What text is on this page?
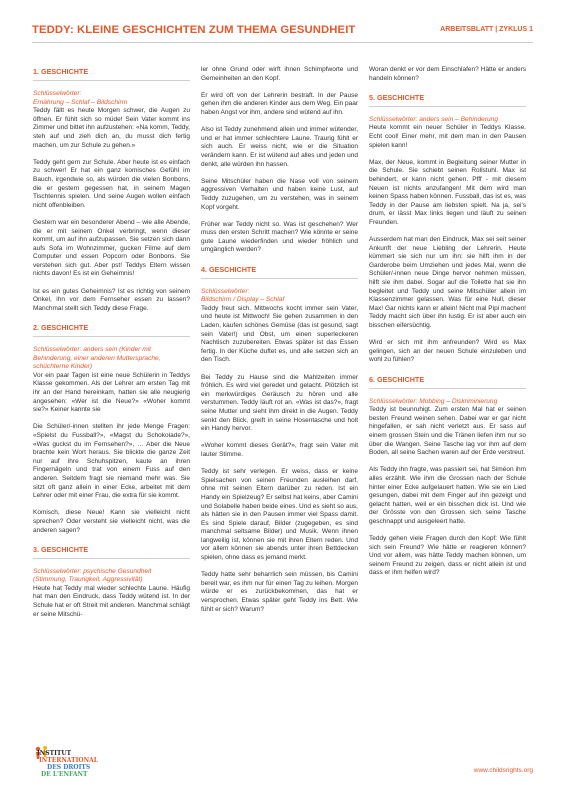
TEDDY: KLEINE GESCHICHTEN ZUM THEMA GESUNDHEIT	ARBEITSBLATT | ZYKLUS 1
1. GESCHICHTE
Schlüsselwörter:
Ernährung – Schlaf – Bildschirm

Teddy fällt es heute Morgen schwer, die Augen zu öffnen. Er fühlt sich so müde! Sein Vater kommt ins Zimmer und bittet ihn aufzustehen: «Na komm, Teddy, steh auf und zieh dich an, du musst dich fertig machen, um zur Schule zu gehen.»

Teddy geht gern zur Schule. Aber heute ist es einfach zu schwer! Er hat ein ganz komisches Gefühl im Bauch, irgendwie so, als würden die vielen Bonbons, die er gestern gegessen hat, in seinem Magen Tischtennis spielen. Und seine Augen wollen einfach nicht offenbleiben.

Gestern war ein besonderer Abend – wie alle Abende, die er mit seinem Onkel verbringt, wenn dieser kommt, um auf ihn aufzupassen. Sie setzen sich dann aufs Sofa im Wohnzimmer, gucken Filme auf dem Computer und essen Popcorn oder Bonbons. Sie verstehen sich gut. Aber pst! Teddys Eltern wissen nichts davon! Es ist ein Geheimnis!

Ist es ein gutes Geheimnis? Ist es richtig von seinem Onkel, ihn vor dem Fernseher essen zu lassen? Manchmal stellt sich Teddy diese Frage.

2. GESCHICHTE
Schlüsselwörter: anders sein (Kinder mit
Behinderung, einer anderen Muttersprache,
schüchterne Kinder)

Vor ein paar Tagen ist eine neue Schülerin in Teddys Klasse gekommen. Als der Lehrer am ersten Tag mit ihr an der Hand hereinkam, hatten sie alle neugierig angesehen: «Wer ist die Neue?» «Woher kommt sie?» Keiner kannte sie

Die Schüler/-innen stellten ihr jede Menge Fragen: «Spielst du Fussball?», «Magst du Schokolade?», «Was guckst du im Fernsehen?», … Aber die Neue brachte kein Wort heraus. Sie blickte die ganze Zeit nur auf ihre Schuhspitzen, kaute an ihren Fingernägeln und trat von einem Fuss auf den anderen. Seitdem fragt sie niemand mehr was. Sie sitzt oft ganz allein in einer Ecke, arbeitet mit dem Lehrer oder mit einer Frau, die extra für sie kommt.

Komisch, diese Neue! Kann sie vielleicht nicht sprechen? Oder versteht sie vielleicht nicht, was die anderen sagen?

3. GESCHICHTE
Schlüsselwörter: psychische Gesundheit
(Stimmung, Traurigkeit, Aggressivität)

Heute hat Teddy mal wieder schlechte Laune. Häufig hat man den Eindruck, dass Teddy wütend ist. In der Schule hat er oft Streit mit anderen. Manchmal schlägt er seine Mitschü-

ler ohne Grund oder wirft ihnen Schimpfworte und Gemeinheiten an den Kopf.

Er wird oft von der Lehrerin bestraft. In der Pause gehen ihm die anderen Kinder aus dem Weg. Ein paar haben Angst vor ihm, andere sind wütend auf ihn.

Also ist Teddy zunehmend allein und immer wütender, und er hat immer schlechtere Laune. Traurig fühlt er sich auch. Er weiss nicht, wie er die Situation verändern kann. Er ist wütend auf alles und jeden und denkt, alle würden ihn hassen.

Seine Mitschüler haben die Nase voll von seinem aggressiven Verhalten und haben keine Lust, auf Teddy zuzugehen, um zu verstehen, was in seinem Kopf vorgeht.

Früher war Teddy nicht so. Was ist geschehen? Wer muss den ersten Schritt machen? Wie könnte er seine gute Laune wiederfinden und wieder fröhlich und umgänglich werden?

4. GESCHICHTE
Schlüsselwörter:
Bildschirm / Display – Schlaf

Teddy freut sich. Mittwochs kocht immer sein Vater, und heute ist Mittwoch! Sie gehen zusammen in den Laden, kaufen schönes Gemüse (das ist gesund, sagt sein Vater!) und Obst, um einen superleckeren Nachtisch zuzubereiten. Etwas später ist das Essen fertig. In der Küche duftet es, und alle setzen sich an den Tisch.

Bei Teddy zu Hause sind die Mahlzeiten immer fröhlich. Es wird viel geredet und gelacht. Plötzlich ist ein merkwürdiges Geräusch zu hören und alle verstummen. Teddy läuft rot an. «Was ist das?», fragt seine Mutter und sieht ihm direkt in die Augen. Teddy senkt den Blick, greift in seine Hosentasche und holt ein Handy hervor.

«Woher kommt dieses Gerät?», fragt sein Vater mit lauter Stimme.

Teddy ist sehr verlegen. Er weiss, dass er keine Spielsachen von seinen Freunden ausleihen darf, ohne mit seinen Eltern darüber zu reden. Ist ein Handy ein Spielzeug? Er selbst hat keins, aber Camini und Solabelle haben beide eines. Und es sieht so aus, als hätten sie in den Pausen immer viel Spass damit. Es sind Spiele darauf, Bilder (zugegeben, es sind manchmal seltsame Bilder) und Musik. Wenn ihnen langweilig ist, können sie mit ihren Eltern reden. Und vor allem können sie abends unter ihren Bettdecken spielen, ohne dass es jemand merkt.

Teddy hatte sehr beharrlich sein müssen, bis Camini bereit war, es ihm nur für einen Tag zu leihen. Morgen würde er es zurückbekommen, das hat er versprochen. Etwas später geht Teddy ins Bett. Wie fühlt er sich? Warum?

Woran denkt er vor dem Einschlafen? Hätte er anders handeln können?

5. GESCHICHTE
Schlüsselwörter: anders sein – Behinderung

Heute kommt ein neuer Schüler in Teddys Klasse. Echt cool! Einer mehr, mit dem man in den Pausen spielen kann!

Max, der Neue, kommt in Begleitung seiner Mutter in die Schule. Sie schiebt seinen Rollstuhl. Max ist behindert, er kann nicht gehen. Pfff - mit diesem Neuen ist nichts anzufangen! Mit dem wird man keinen Spass haben können. Fussball, das ist es, was Teddy in der Pause am liebsten spielt. Na ja, sei's drum, er lässt Max links liegen und läuft zu seinen Freunden.

Ausserdem hat man den Eindruck, Max sei seit seiner Ankunft der neue Liebling der Lehrerin. Heute kümmert sie sich nur um ihn: sie hilft ihm in der Garderobe beim Umziehen und jedes Mal, wenn die Schüler/-innen neue Dinge hervor nehmen müssen, hilft sie ihm dabei. Sogar auf die Toilette hat sie ihn begleitet und Teddy und seine Mitschüler allein im Klassenzimmer gelassen. Was für eine Null, dieser Max! Gar nichts kann er allein! Nicht mal Pipi machen! Teddy macht sich über ihn lustig. Er ist aber auch ein bisschen eifersüchtig.

Wird er sich mit ihm anfreunden? Wird es Max gelingen, sich an der neuen Schule einzuleben und wohl zu fühlen?

6. GESCHICHTE
Schlüsselwörter: Mobbing – Diskriminierung

Teddy ist beunruhigt. Zum ersten Mal hat er seinen besten Freund weinen sehen. Dabei war er gar nicht hingefallen, er sah nicht verletzt aus. Er sass auf einem grossen Stein und die Tränen liefen ihm nur so über die Wangen. Seine Tasche lag vor ihm auf dem Boden, all seine Sachen waren auf der Erde verstreut.

Als Teddy ihn fragte, was passiert sei, hat Siméon ihm alles erzählt. Wie ihm die Grossen nach der Schule hinter einer Ecke aufgelauert hatten. Wie sie ein Lied gesungen, dabei mit dem Finger auf ihn gezeigt und gelacht hatten, weil er ein bisschen dick ist. Und wie der Grösste von den Grossen sich seine Tasche geschnappt und ausgeleert hatte.

Teddy gehen viele Fragen durch den Kopf: Wie fühlt sich sein Freund? Wie hätte er reagieren können? Und vor allem, was hätte Teddy machen können, um seinem Freund zu zeigen, dass er nicht allein ist und dass er ihm helfen wird?

INSTITUT
INTERNATIONAL
DES DROITS
DE L'ENFANT
www.childsrights.org
